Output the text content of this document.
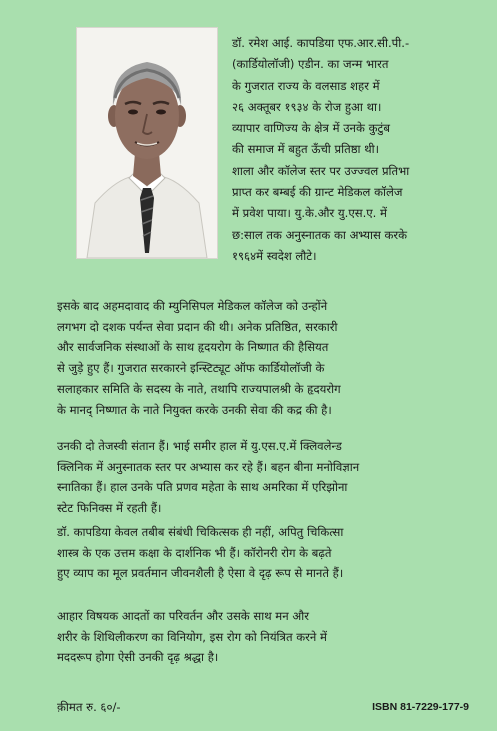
डॉ. रमेश आई. कापडिया एफ.आर.सी.पी.-
(कार्डियोलॉजी) एडीन. का जन्म भारत
के गुजरात राज्य के वलसाड शहर में
२६ अक्तूबर १९३४ के रोज हुआ था।
व्यापार वाणिज्य के क्षेत्र में उनके कुटुंब
की समाज में बहुत ऊँची प्रतिष्ठा थी।
शाला और कॉलेज स्तर पर उज्ज्वल प्रतिभा
प्राप्त कर बम्बई की ग्रान्ट मेडिकल कॉलेज
में प्रवेश पाया। यु.के.और यु.एस.ए. में
छ:साल तक अनुस्नातक का अभ्यास करके
१९६४में स्वदेश लौटे।
इसके बाद अहमदावाद की म्युनिसिपल मेडिकल कॉलेज को उन्होंने
लगभग दो दशक पर्यन्त सेवा प्रदान की थी। अनेक प्रतिष्ठित, सरकारी
और सार्वजनिक संस्थाओं के साथ हृदयरोग के निष्णात की हैसियत
से जुड़े हुए हैं। गुजरात सरकारने इन्स्टिट्यूट ऑफ कार्डियोलॉजी के
सलाहकार समिति के सदस्य के नाते, तथापि राज्यपालश्री के हृदयरोग
के मानद् निष्णात के नाते नियुक्त करके उनकी सेवा की कद्र की है।
उनकी दो तेजस्वी संतान हैं। भाई समीर हाल में यु.एस.ए.में क्लिवलेन्ड
क्लिनिक में अनुस्नातक स्तर पर अभ्यास कर रहे हैं। बहन बीना मनोविज्ञान
स्नातिका हैं। हाल उनके पति प्रणव महेता के साथ अमरिका में एरिझोना
स्टेट फिनिक्स में रहती हैं।
डॉ. कापडिया केवल तबीब संबंधी चिकित्सक ही नहीं, अपितु चिकित्सा
शास्त्र के एक उत्तम कक्षा के दार्शनिक भी हैं। कॉरोनरी रोग के बढ़ते
हुए व्याप का मूल प्रवर्तमान जीवनशैली है ऐसा वे दृढ़ रूप से मानते हैं।
आहार विषयक आदतों का परिवर्तन और उसके साथ मन और
शरीर के शिथिलीकरण का विनियोग, इस रोग को नियंत्रित करने में
मददरूप होगा ऐसी उनकी दृढ़ श्रद्धा है।
क़ीमत रु. ६०/-	ISBN 81-7229-177-9
